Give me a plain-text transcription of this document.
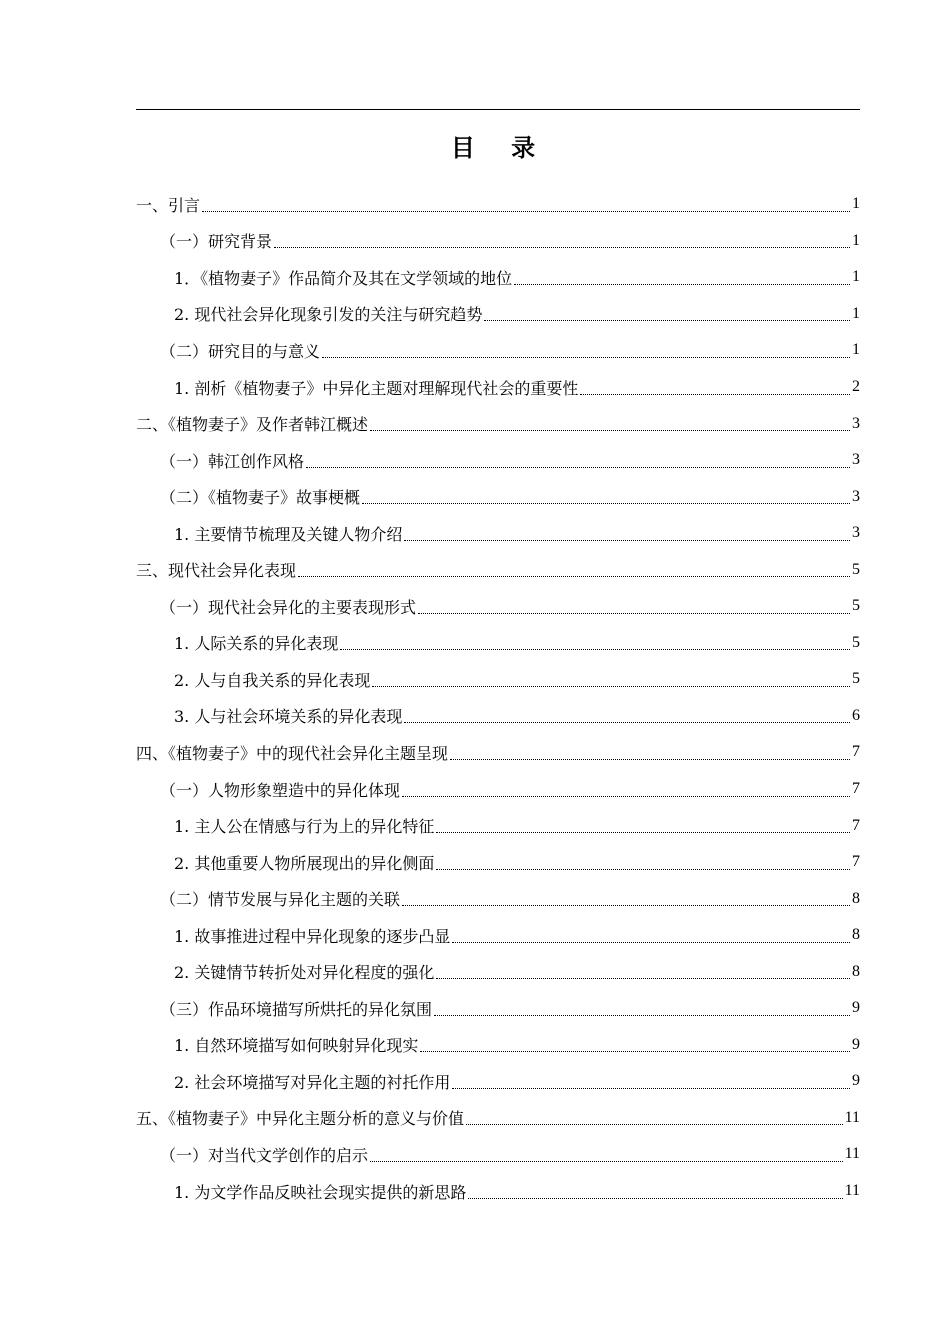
目 录
一、引言	1
（一）研究背景	1
1．《植物妻子》作品简介及其在文学领域的地位	1
2. 现代社会异化现象引发的关注与研究趋势	1
（二）研究目的与意义	1
1. 剖析《植物妻子》中异化主题对理解现代社会的重要性	2
二、《植物妻子》及作者韩江概述	3
（一）韩江创作风格	3
（二）《植物妻子》故事梗概	3
1. 主要情节梳理及关键人物介绍	3
三、现代社会异化表现	5
（一）现代社会异化的主要表现形式	5
1. 人际关系的异化表现	5
2. 人与自我关系的异化表现	5
3. 人与社会环境关系的异化表现	6
四、《植物妻子》中的现代社会异化主题呈现	7
（一）人物形象塑造中的异化体现	7
1. 主人公在情感与行为上的异化特征	7
2. 其他重要人物所展现出的异化侧面	7
（二）情节发展与异化主题的关联	8
1. 故事推进过程中异化现象的逐步凸显	8
2. 关键情节转折处对异化程度的强化	8
（三）作品环境描写所烘托的异化氛围	9
1. 自然环境描写如何映射异化现实	9
2. 社会环境描写对异化主题的衬托作用	9
五、《植物妻子》中异化主题分析的意义与价值	11
（一）对当代文学创作的启示	11
1. 为文学作品反映社会现实提供的新思路	11
